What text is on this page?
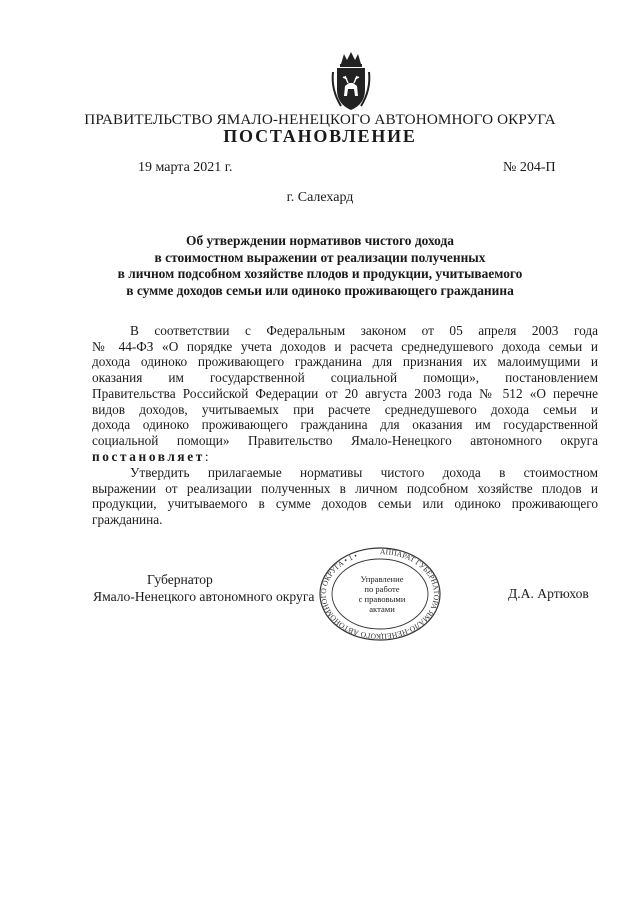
ПРАВИТЕЛЬСТВО ЯМАЛО-НЕНЕЦКОГО АВТОНОМНОГО ОКРУГА
ПОСТАНОВЛЕНИЕ
19 марта 2021 г.	№ 204-П
г. Салехард
Об утверждении нормативов чистого дохода
в стоимостном выражении от реализации полученных
в личном подсобном хозяйстве плодов и продукции, учитываемого
в сумме доходов семьи или одиноко проживающего гражданина
В соответствии с Федеральным законом от 05 апреля 2003 года
№ 44-ФЗ «О порядке учета доходов и расчета среднедушевого дохода семьи и
дохода одиноко проживающего гражданина для признания их малоимущими и
оказания им государственной социальной помощи», постановлением
Правительства Российской Федерации от 20 августа 2003 года № 512 «О перечне
видов доходов, учитываемых при расчете среднедушевого дохода семьи и
дохода одиноко проживающего гражданина для оказания им государственной
социальной помощи» Правительство Ямало-Ненецкого автономного округа
постановляет:
Утвердить прилагаемые нормативы чистого дохода в стоимостном
выражении от реализации полученных в личном подсобном хозяйстве плодов и
продукции, учитываемого в сумме доходов семьи или одиноко проживающего
гражданина.
Губернатор
Ямало-Ненецкого автономного округа	Д.А. Артюхов
АППАРАТ ГУБЕРНАТОРА ЯМАЛО-НЕНЕЦКОГО АВТОНОМНОГО ОКРУГА • 1 •
Управление
по работе
с правовыми
актами
